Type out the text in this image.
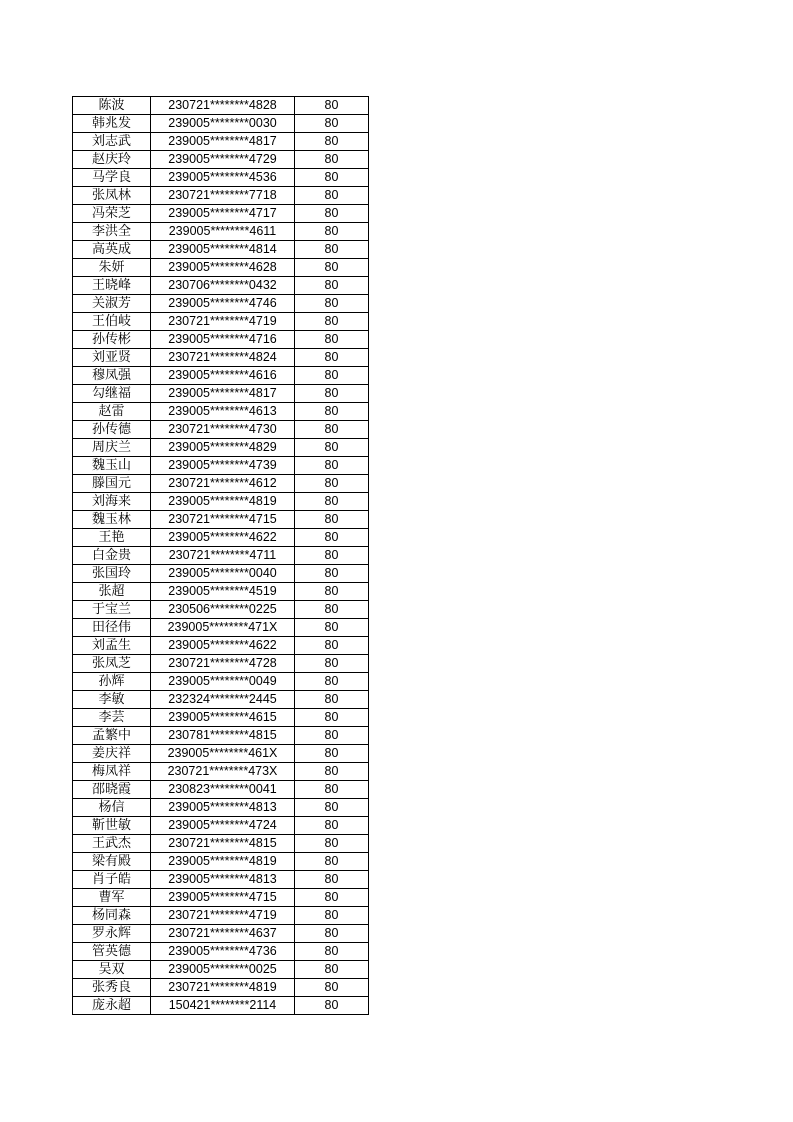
陈波	230721********4828	80
韩兆发	239005********0030	80
刘志武	239005********4817	80
赵庆玲	239005********4729	80
马学良	239005********4536	80
张凤林	230721********7718	80
冯荣芝	239005********4717	80
李洪全	239005********4611	80
高英成	239005********4814	80
朱妍	239005********4628	80
王晓峰	230706********0432	80
关淑芳	239005********4746	80
王伯岐	230721********4719	80
孙传彬	239005********4716	80
刘亚贤	230721********4824	80
穆凤强	239005********4616	80
勾继福	239005********4817	80
赵雷	239005********4613	80
孙传德	230721********4730	80
周庆兰	239005********4829	80
魏玉山	239005********4739	80
滕国元	230721********4612	80
刘海来	239005********4819	80
魏玉林	230721********4715	80
王艳	239005********4622	80
白金贵	230721********4711	80
张国玲	239005********0040	80
张超	239005********4519	80
于宝兰	230506********0225	80
田径伟	239005********471X	80
刘孟生	239005********4622	80
张凤芝	230721********4728	80
孙辉	239005********0049	80
李敏	232324********2445	80
李芸	239005********4615	80
孟繁中	230781********4815	80
姜庆祥	239005********461X	80
梅凤祥	230721********473X	80
邵晓霞	230823********0041	80
杨信	239005********4813	80
靳世敏	239005********4724	80
王武杰	230721********4815	80
梁有殿	239005********4819	80
肖子皓	239005********4813	80
曹军	239005********4715	80
杨同森	230721********4719	80
罗永辉	230721********4637	80
管英德	239005********4736	80
吴双	239005********0025	80
张秀良	230721********4819	80
庞永超	150421********2114	80
